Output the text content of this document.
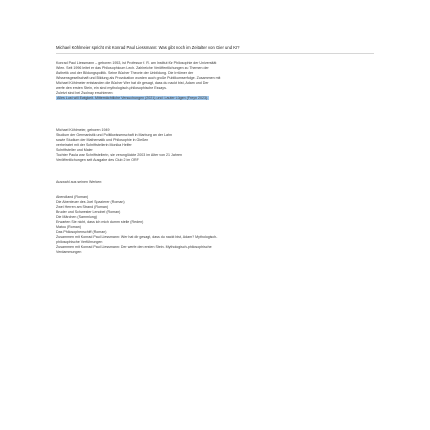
Michael Köhlmeier spricht mit Konrad Paul Liessmann: Was gibt noch im Zeitalter von Gier und KI?
Konrad Paul Liessmann – geboren 1953, ist Professor f. R. am Institut für Philosophie der Universität
Wien. Seit 1996 leitet er das Philosophicum Lech. Zahlreiche Veröffentlichungen zu Themen der
Ästhetik und der Bildungspolitik. Seine Bücher Theorie der Unbildung. Die Irrtümer der
Wissensgesellschaft und Bildung als Provokation wurden auch große Publikumserfolge. Zusammen mit
Michael Köhlmeier entstanden die Bücher Wer hat dir gesagt, dass du nackt bist, Adam und Der
werfe den ersten Stein, ein sind mythologisch-philosophische Essays.
Zuletzt sind bei Zsolnay erschienen:
Alles Lust will Ewigkeit. Mitternächtliche Versuchungen (2021) und: Lauter Lügen (Freyn 2023).
Michael Köhlmeier, geboren 1949
Studium der Germanistik und Politikwissenschaft in Marburg an der Lahn
sowie Studium der Mathematik und Philosophie in Gießen
verheiratet mit der Schriftstellerin Monika Helfer
Schriftsteller und Maler
Tochter Paula war Schriftstellerin, sie verunglückte 2003 im Alter von 21 Jahren
Veröffentlichungen seit Ausgabe des Club 2 im ORF
Auswahl aus seinen Werken:
Abendland (Roman)
Die Abenteuer des Joel Spazierer (Roman)
Zwei Herren am Strand (Roman)
Bruder und Schwester Lenobel (Roman)
Die Märchen (Sammlung)
Erwarten Sie nicht, dass ich mich dumm stelle (Reden)
Matou (Roman)
Das Philosophenschiff (Roman)
Zusammen mit Konrad Paul Liessmann: Wer hat dir gesagt, dass du nackt bist, Adam? Mythologisch-
philosophische Verführungen
Zusammen mit Konrad Paul Liessmann: Der werfe den ersten Stein. Mythologisch-philosophische
Verdammungen
